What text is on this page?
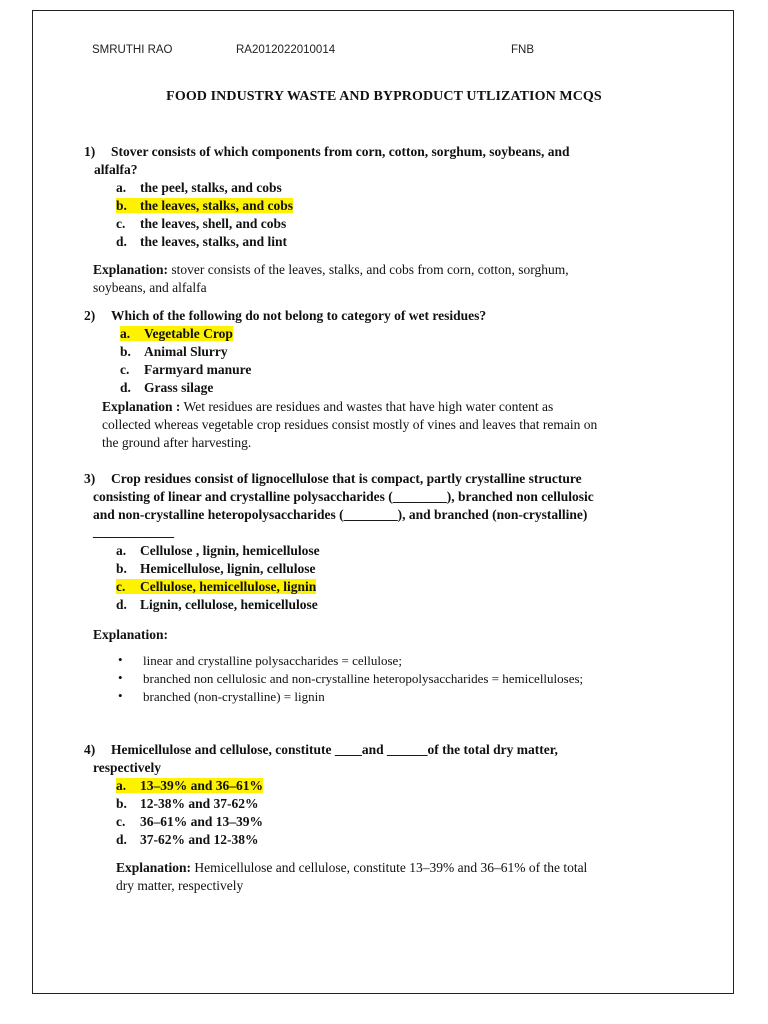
SMRUTHI RAO	RA2012022010014	FNB
FOOD INDUSTRY WASTE AND BYPRODUCT UTLIZATION MCQS
1) Stover consists of which components from corn, cotton, sorghum, soybeans, and
alfalfa?
a. the peel, stalks, and cobs
b. the leaves, stalks, and cobs
c. the leaves, shell, and cobs
d. the leaves, stalks, and lint
Explanation: stover consists of the leaves, stalks, and cobs from corn, cotton, sorghum,
soybeans, and alfalfa
2) Which of the following do not belong to category of wet residues?
a. Vegetable Crop
b. Animal Slurry
c. Farmyard manure
d. Grass silage
Explanation : Wet residues are residues and wastes that have high water content as
collected whereas vegetable crop residues consist mostly of vines and leaves that remain on
the ground after harvesting.
3) Crop residues consist of lignocellulose that is compact, partly crystalline structure
consisting of linear and crystalline polysaccharides (________), branched non cellulosic
and non-crystalline heteropolysaccharides (________), and branched (non-crystalline)
____________
a. Cellulose , lignin, hemicellulose
b. Hemicellulose, lignin, cellulose
c. Cellulose, hemicellulose, lignin
d. Lignin, cellulose, hemicellulose
Explanation:
• linear and crystalline polysaccharides = cellulose;
• branched non cellulosic and non-crystalline heteropolysaccharides = hemicelluloses;
• branched (non-crystalline) = lignin
4) Hemicellulose and cellulose, constitute ____and ______of the total dry matter,
respectively
a. 13–39% and 36–61%
b. 12-38% and 37-62%
c. 36–61% and 13–39%
d. 37-62% and 12-38%
Explanation: Hemicellulose and cellulose, constitute 13–39% and 36–61% of the total
dry matter, respectively
